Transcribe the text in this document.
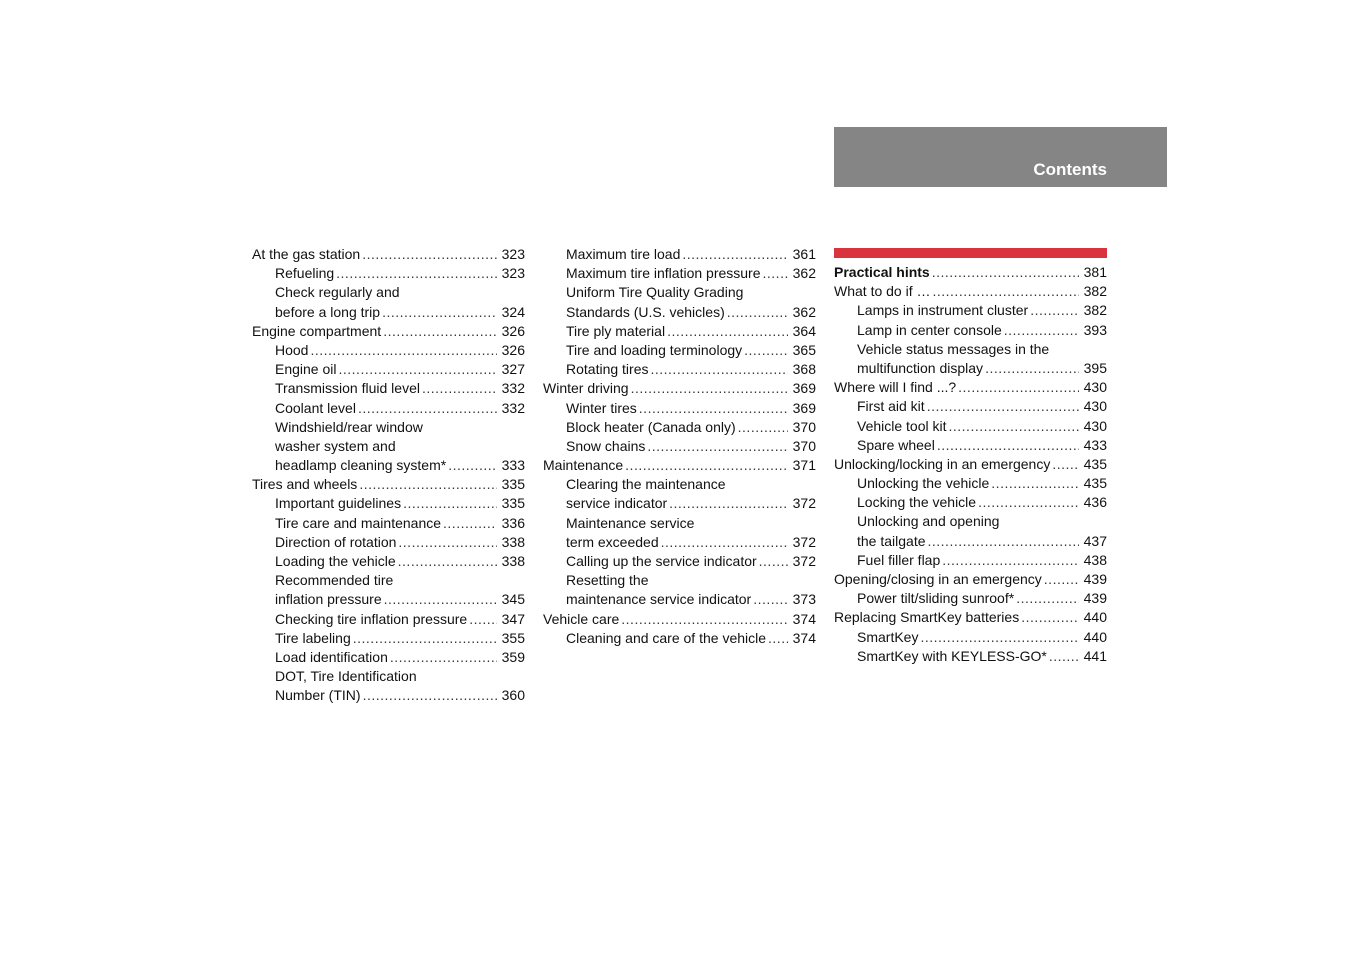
Contents
At the gas station .....	323
Refueling .....	323
Check regularly and
before a long trip .....	324
Engine compartment .....	326
Hood .....	326
Engine oil .....	327
Transmission fluid level .....	332
Coolant level .....	332
Windshield/rear window
washer system and
headlamp cleaning system* .....	333
Tires and wheels .....	335
Important guidelines .....	335
Tire care and maintenance .....	336
Direction of rotation .....	338
Loading the vehicle .....	338
Recommended tire
inflation pressure .....	345
Checking tire inflation pressure ..... 347
Tire labeling .....	355
Load identification .....	359
DOT, Tire Identification
Number (TIN) .....	360
Maximum tire load .....	361
Maximum tire inflation pressure ..... 362
Uniform Tire Quality Grading
Standards (U.S. vehicles) .....	362
Tire ply material .....	364
Tire and loading terminology .....	365
Rotating tires .....	368
Winter driving .....	369
Winter tires .....	369
Block heater (Canada only) .....	370
Snow chains .....	370
Maintenance .....	371
Clearing the maintenance
service indicator .....	372
Maintenance service
term exceeded .....	372
Calling up the service indicator .....	372
Resetting the
maintenance service indicator .....	373
Vehicle care .....	374
Cleaning and care of the vehicle ..... 374
Practical hints .....	381
What to do if … .....	382
Lamps in instrument cluster .....	382
Lamp in center console .....	393
Vehicle status messages in the
multifunction display .....	395
Where will I find ...? .....	430
First aid kit .....	430
Vehicle tool kit .....	430
Spare wheel .....	433
Unlocking/locking in an emergency ..... 435
Unlocking the vehicle .....	435
Locking the vehicle .....	436
Unlocking and opening
the tailgate .....	437
Fuel filler flap .....	438
Opening/closing in an emergency .....	439
Power tilt/sliding sunroof* .....	439
Replacing SmartKey batteries .....	440
SmartKey .....	440
SmartKey with KEYLESS-GO* .....	441
